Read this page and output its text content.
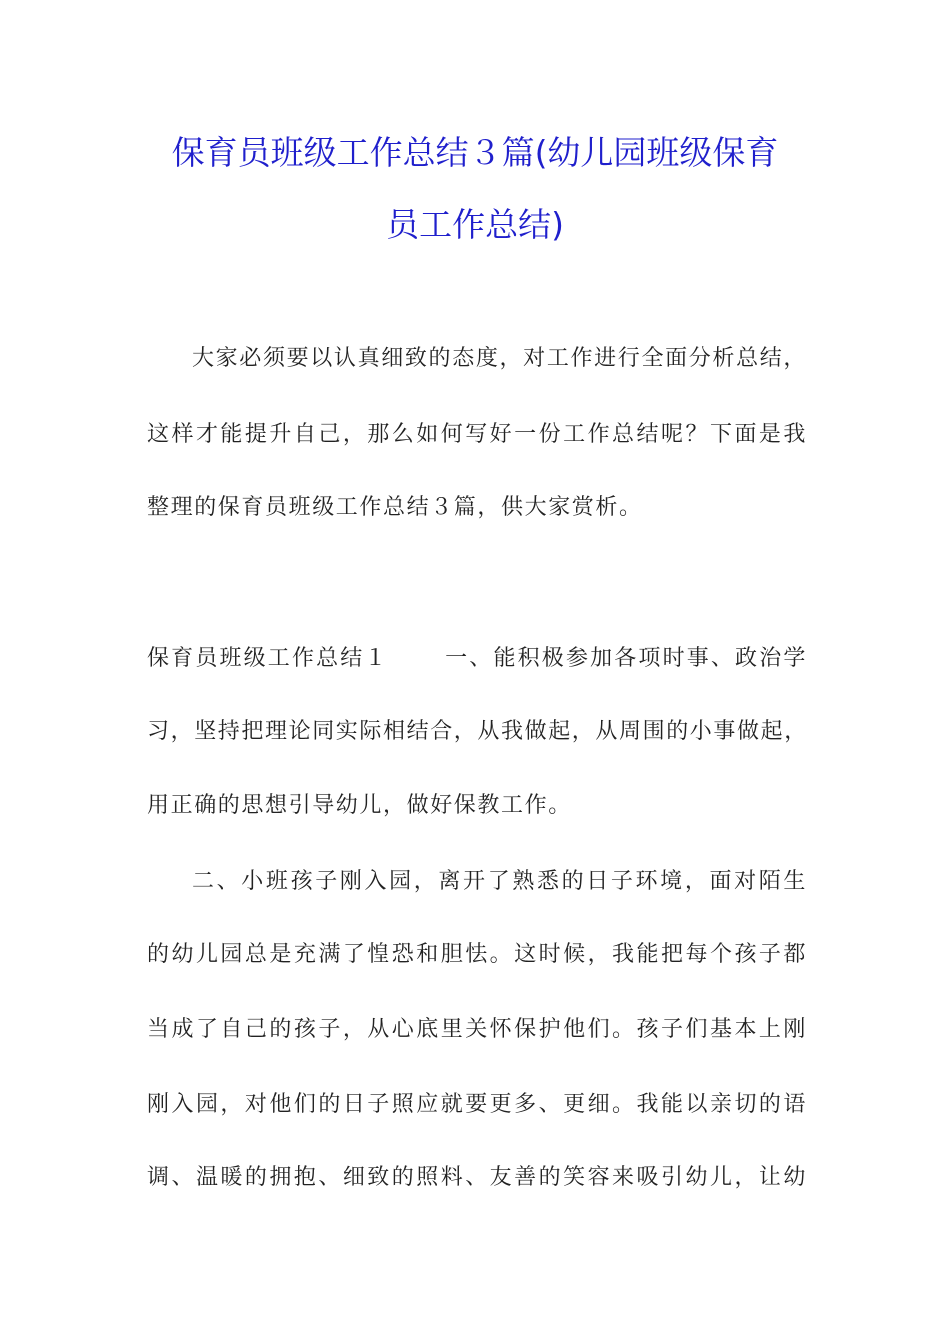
保育员班级工作总结３篇(幼儿园班级保育
员工作总结)
大家必须要以认真细致的态度，对工作进行全面分析总结，
这样才能提升自己，那么如何写好一份工作总结呢？下面是我
整理的保育员班级工作总结３篇，供大家赏析。
保育员班级工作总结１	一、能积极参加各项时事、政治学
习，坚持把理论同实际相结合，从我做起，从周围的小事做起，
用正确的思想引导幼儿，做好保教工作。
二、小班孩子刚入园，离开了熟悉的日子环境，面对陌生
的幼儿园总是充满了惶恐和胆怯。这时候，我能把每个孩子都
当成了自己的孩子，从心底里关怀保护他们。孩子们基本上刚
刚入园，对他们的日子照应就要更多、更细。我能以亲切的语
调、温暖的拥抱、细致的照料、友善的笑容来吸引幼儿，让幼
